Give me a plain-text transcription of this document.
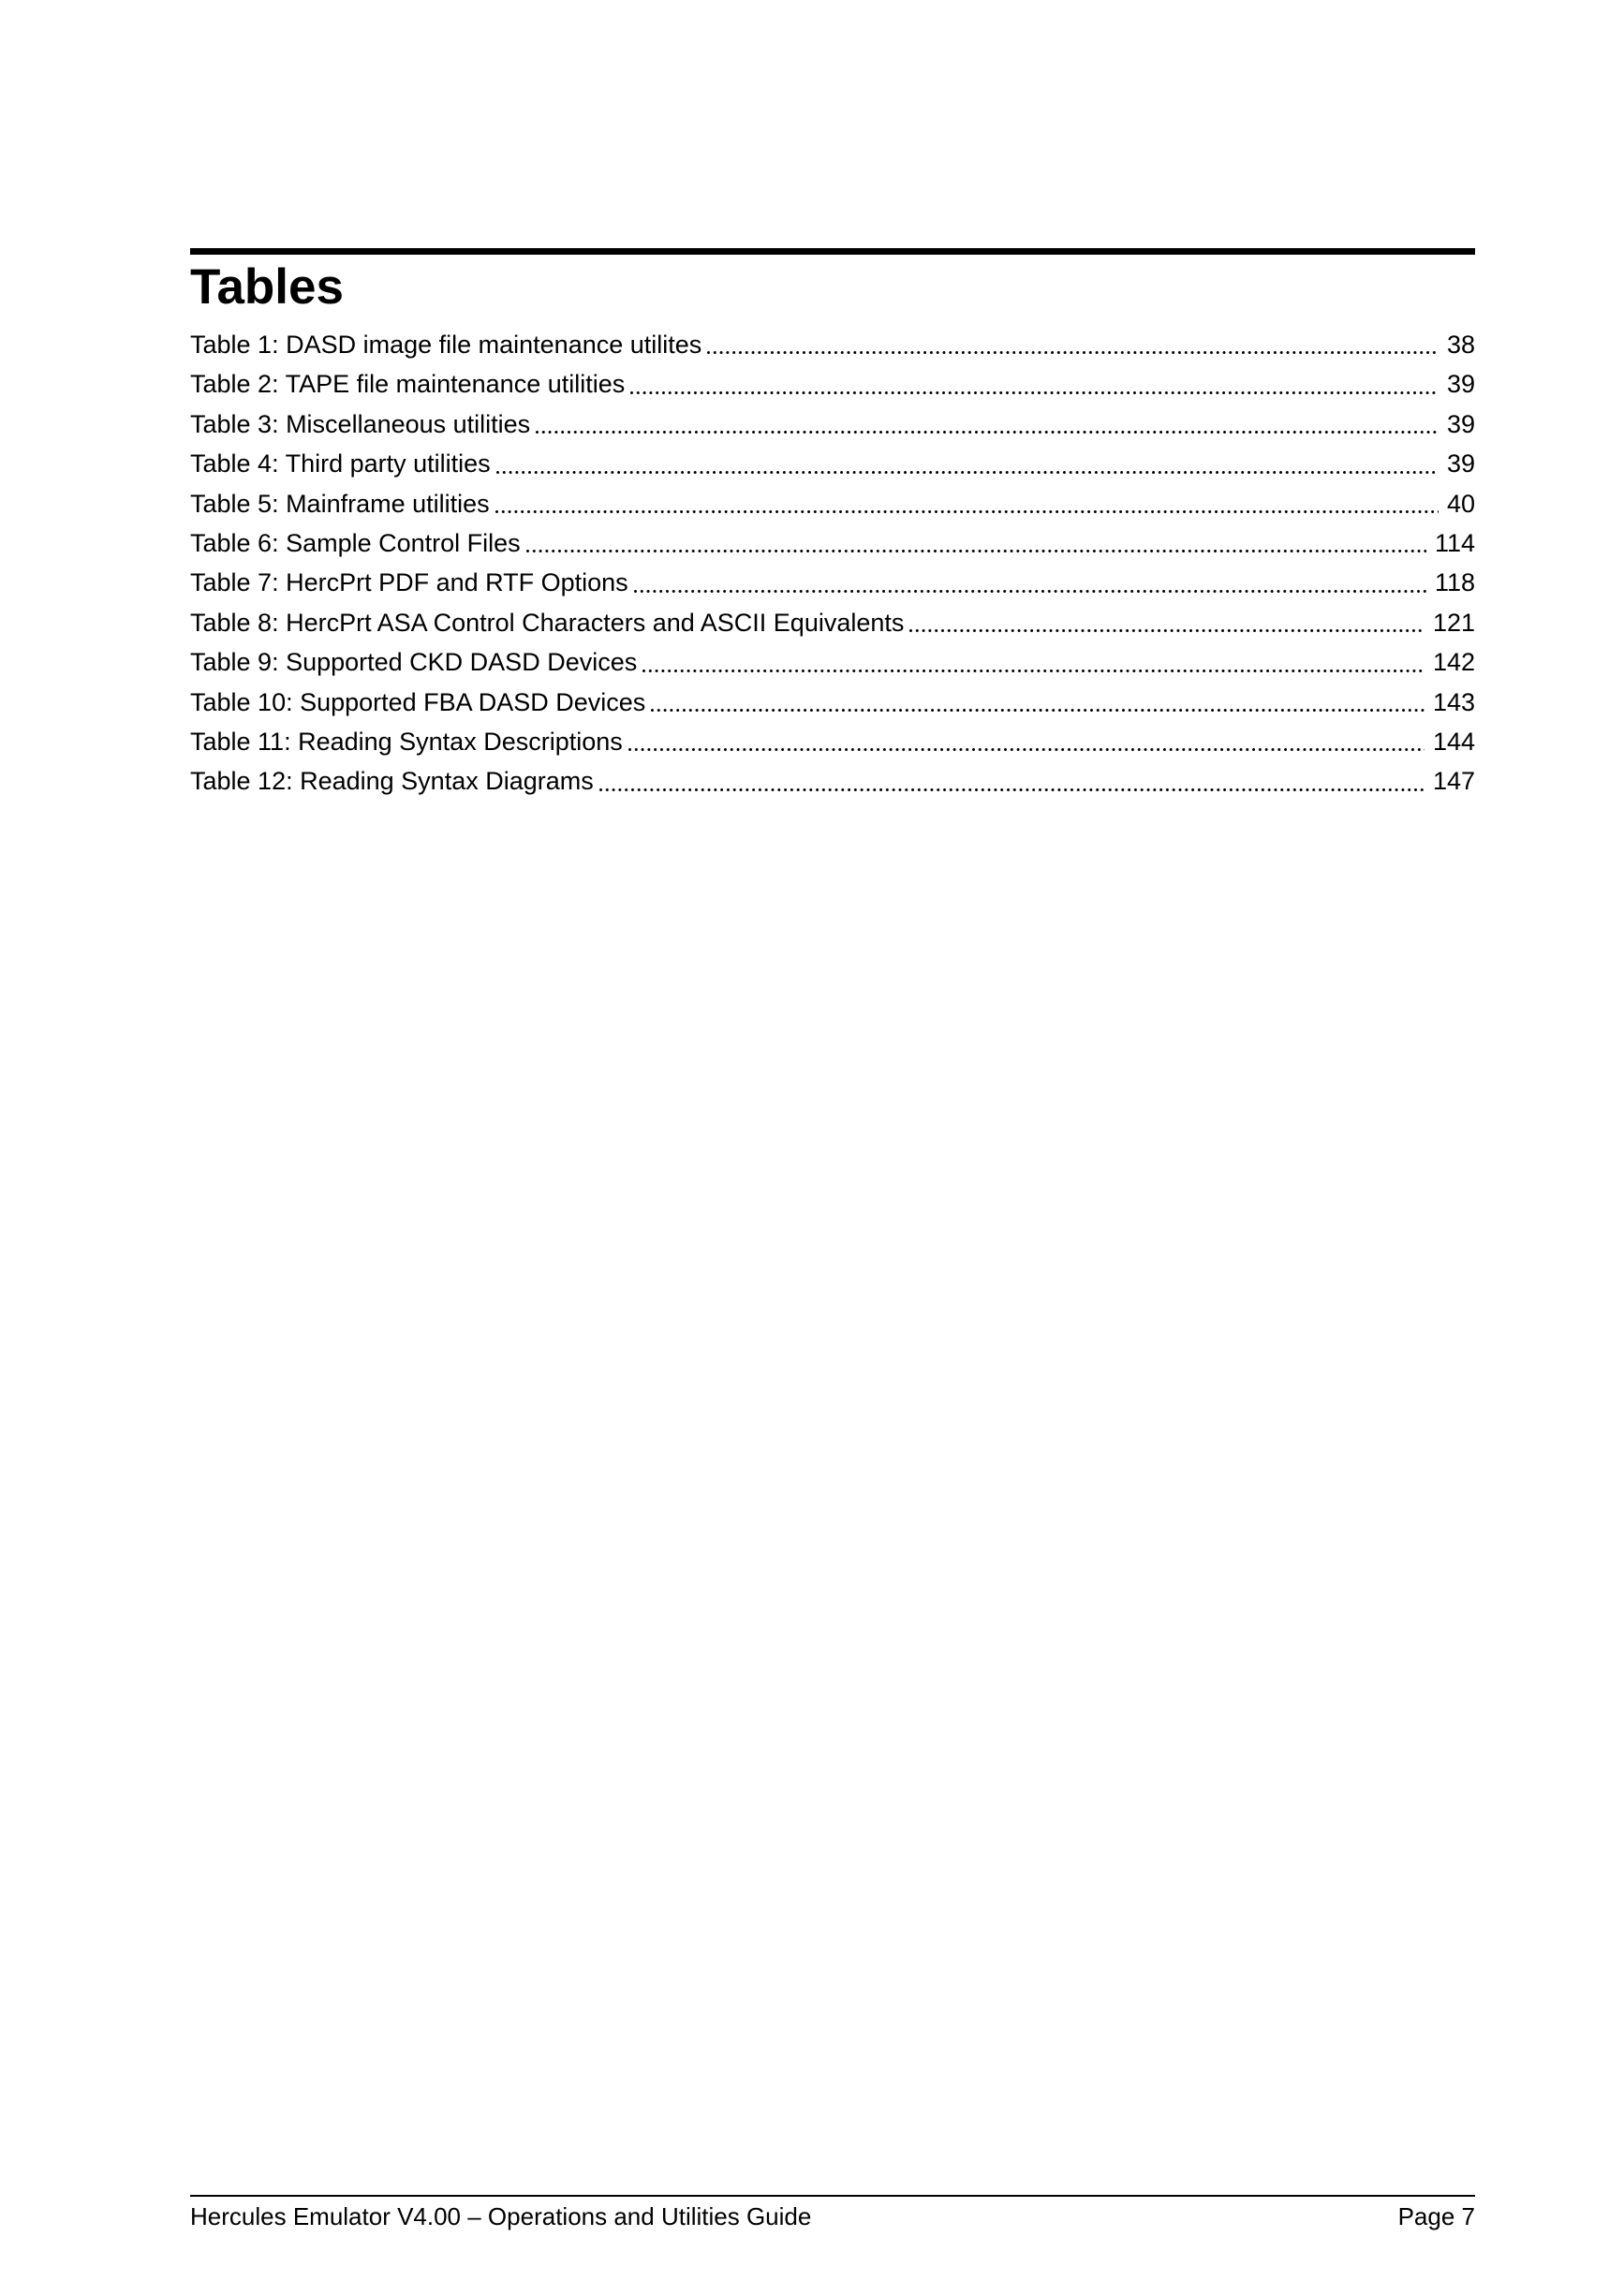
Tables
Table 1: DASD image file maintenance utilites	38
Table 2: TAPE file maintenance utilities	39
Table 3: Miscellaneous utilities	39
Table 4: Third party utilities	39
Table 5: Mainframe utilities	40
Table 6: Sample Control Files	114
Table 7: HercPrt PDF and RTF Options	118
Table 8: HercPrt ASA Control Characters and ASCII Equivalents	121
Table 9: Supported CKD DASD Devices	142
Table 10: Supported FBA DASD Devices	143
Table 11: Reading Syntax Descriptions	144
Table 12: Reading Syntax Diagrams	147
Hercules Emulator V4.00 – Operations and Utilities Guide	Page 7
